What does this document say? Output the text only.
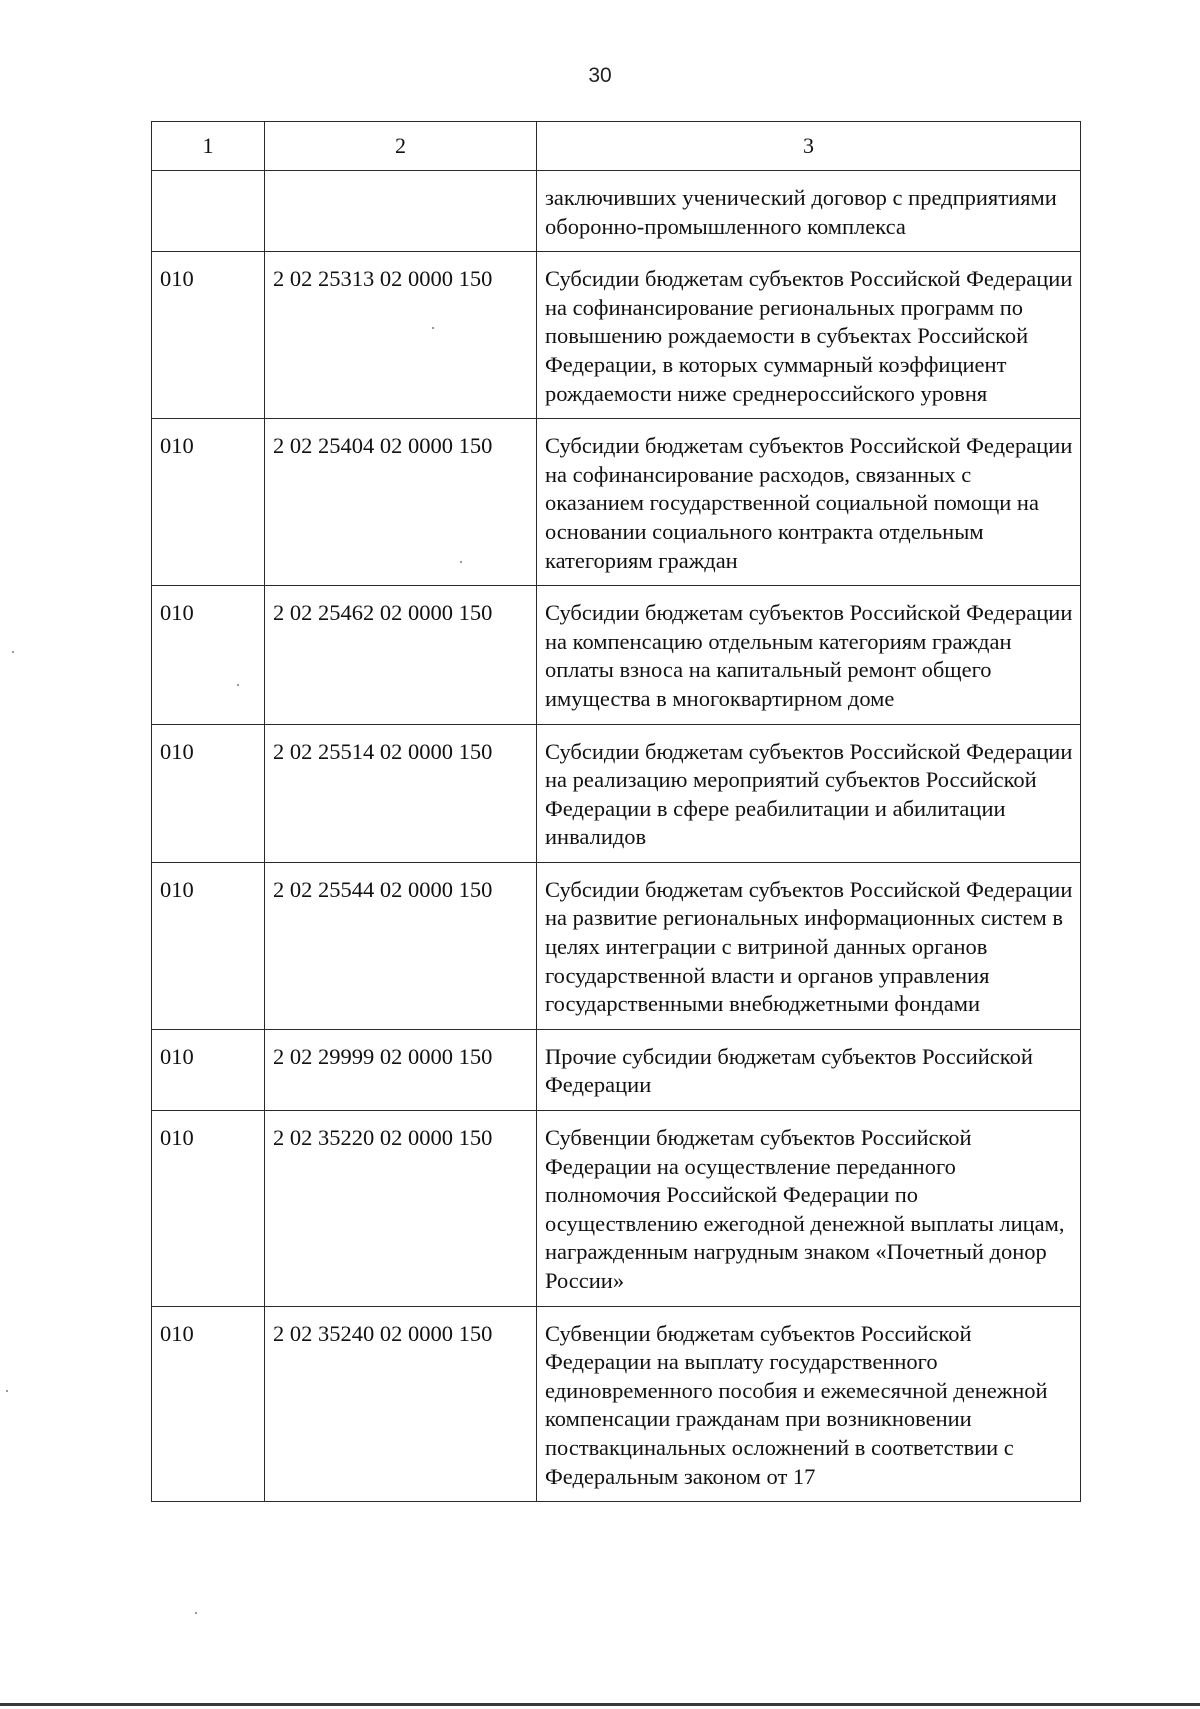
30
1	2	3
		заключивших ученический договор с предприятиями оборонно-промышленного комплекса
010	2 02 25313 02 0000 150	Субсидии бюджетам субъектов Российской Федерации на софинансирование региональных программ по повышению рождаемости в субъектах Российской Федерации, в которых суммарный коэффициент рождаемости ниже среднероссийского уровня
010	2 02 25404 02 0000 150	Субсидии бюджетам субъектов Российской Федерации на софинансирование расходов, связанных с оказанием государственной социальной помощи на основании социального контракта отдельным категориям граждан
010	2 02 25462 02 0000 150	Субсидии бюджетам субъектов Российской Федерации на компенсацию отдельным категориям граждан оплаты взноса на капитальный ремонт общего имущества в многоквартирном доме
010	2 02 25514 02 0000 150	Субсидии бюджетам субъектов Российской Федерации на реализацию мероприятий субъектов Российской Федерации в сфере реабилитации и абилитации инвалидов
010	2 02 25544 02 0000 150	Субсидии бюджетам субъектов Российской Федерации на развитие региональных информационных систем в целях интеграции с витриной данных органов государственной власти и органов управления государственными внебюджетными фондами
010	2 02 29999 02 0000 150	Прочие субсидии бюджетам субъектов Российской Федерации
010	2 02 35220 02 0000 150	Субвенции бюджетам субъектов Российской Федерации на осуществление переданного полномочия Российской Федерации по осуществлению ежегодной денежной выплаты лицам, награжденным нагрудным знаком «Почетный донор России»
010	2 02 35240 02 0000 150	Субвенции бюджетам субъектов Российской Федерации на выплату государственного единовременного пособия и ежемесячной денежной компенсации гражданам при возникновении поствакцинальных осложнений в соответствии с Федеральным законом от 17
